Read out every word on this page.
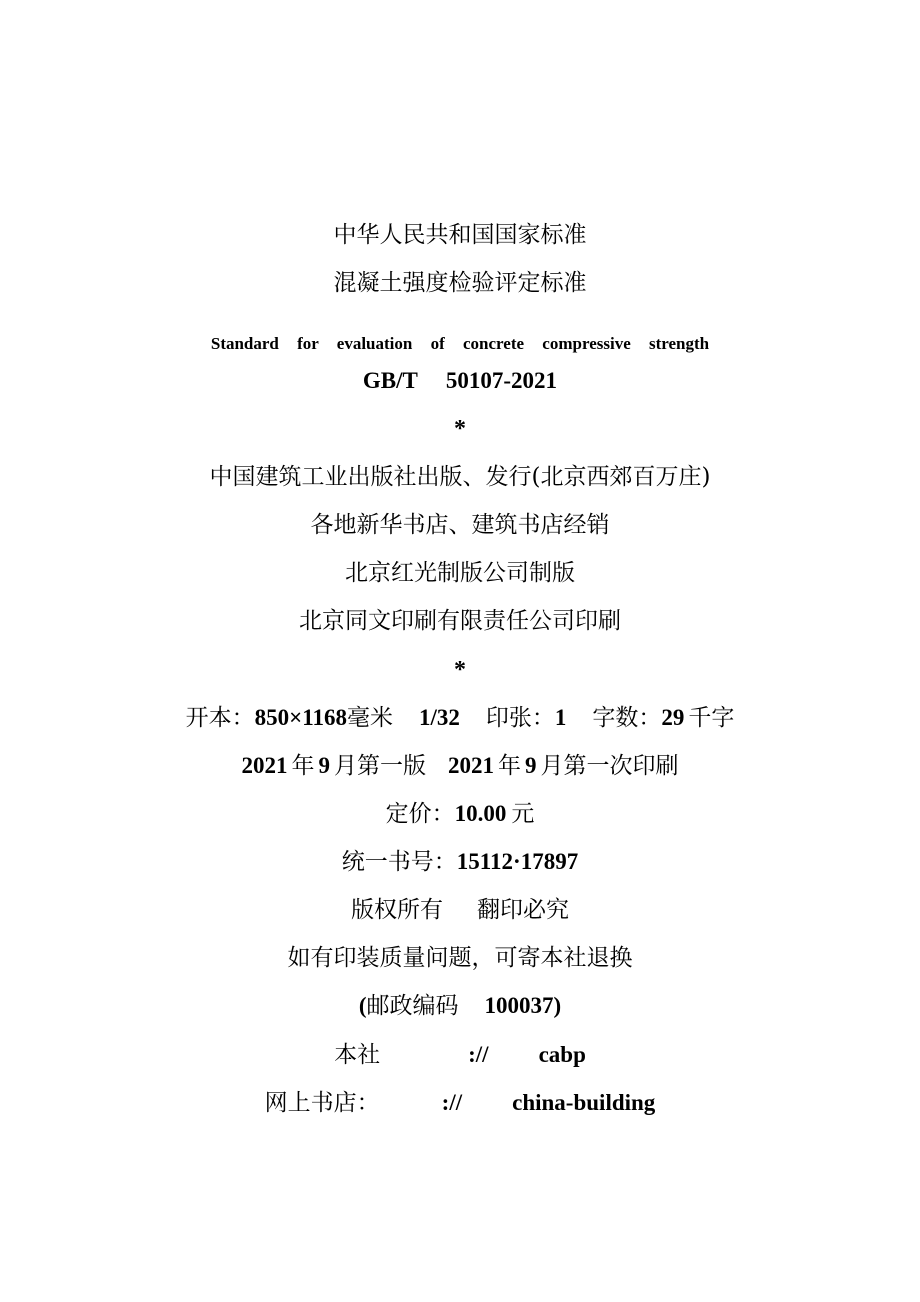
中华人民共和国国家标准
混凝土强度检验评定标准
Standard for evaluation of concrete compressive strength
GB/T 50107-2021
*
中国建筑工业出版社出版、发行(北京西郊百万庄)
各地新华书店、建筑书店经销
北京红光制版公司制版
北京同文印刷有限责任公司印刷
*
开本：850×1168毫米 1/32 印张：1 字数：29 千字
2021 年 9 月第一版 2021 年 9 月第一次印刷
定价：10.00 元
统一书号：15112·17897
版权所有 翻印必究
如有印装质量问题，可寄本社退换
(邮政编码 100037)
本社	:// cabp
网上书店：	:// china-building
